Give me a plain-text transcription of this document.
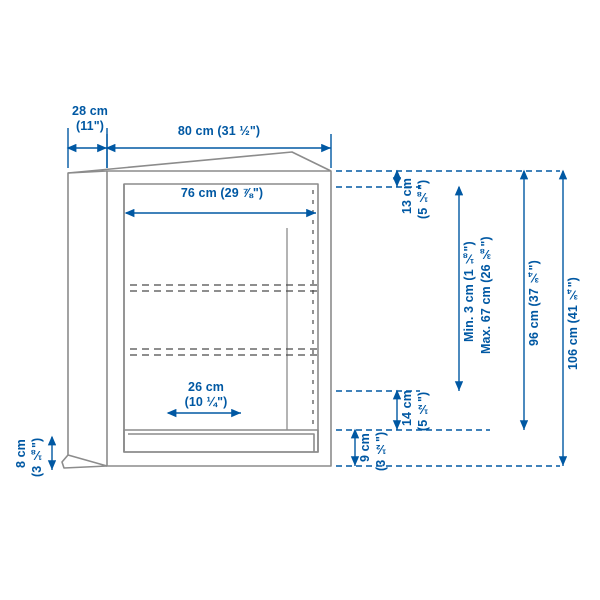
28 cm
(11")	80 cm (31 ½")
76 cm (29 ⅞")
26 cm
(10 ¼")
13 cm (5 ⅛")
14 cm (5 ½")
9 cm (3 ½")
8 cm (3 ⅛")
Min. 3 cm (1 ⅛") Max. 67 cm (26 ⅜")	96 cm (37 ¾") 106 cm (41 ¾")
